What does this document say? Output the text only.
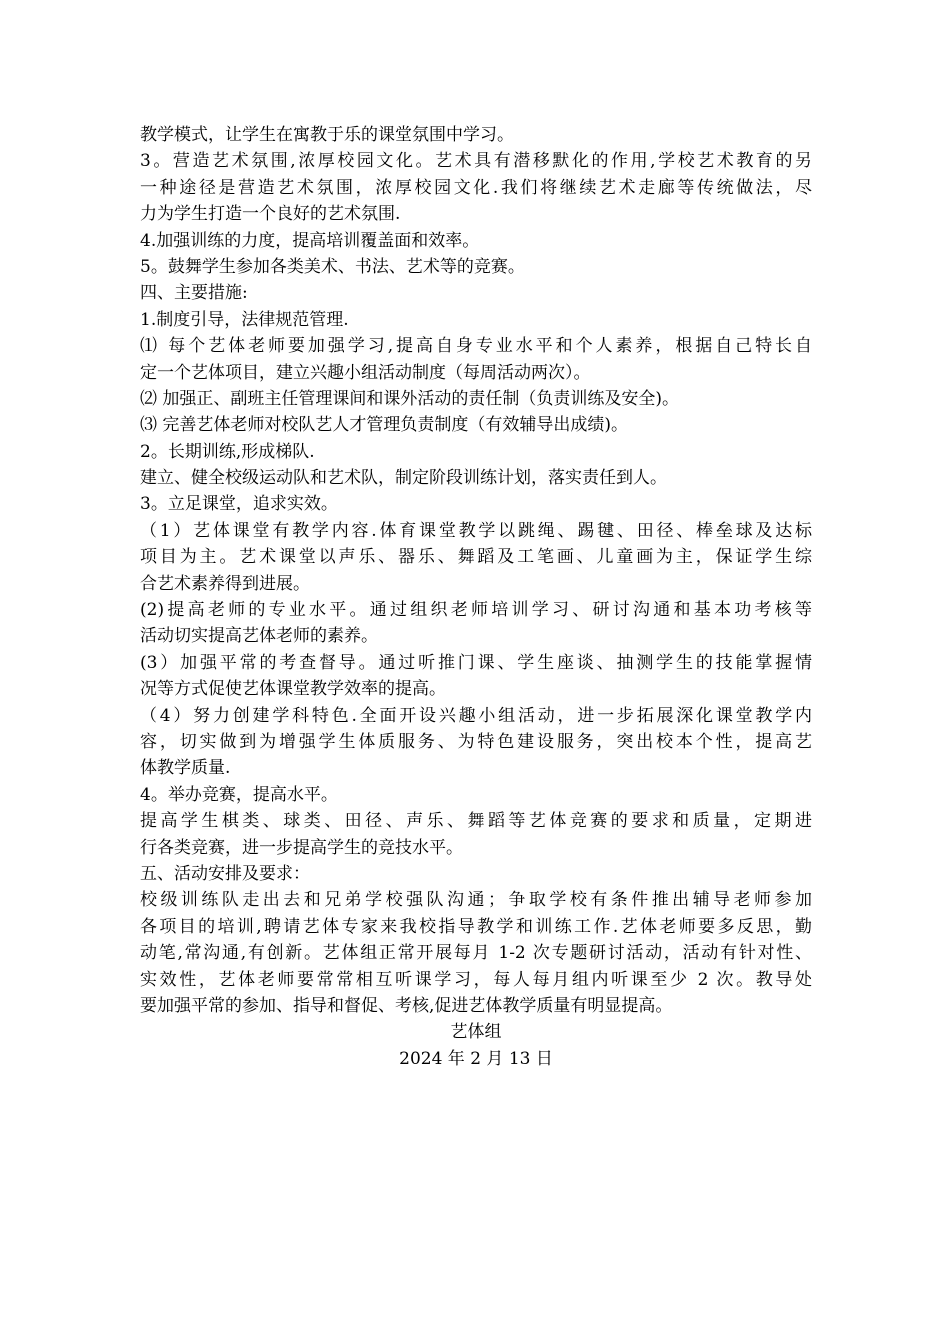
教学模式，让学生在寓教于乐的课堂氛围中学习。
3。营造艺术氛围,浓厚校园文化。艺术具有潜移默化的作用,学校艺术教育的另
一种途径是营造艺术氛围，浓厚校园文化.我们将继续艺术走廊等传统做法，尽
力为学生打造一个良好的艺术氛围.
4.加强训练的力度，提高培训覆盖面和效率。
5。鼓舞学生参加各类美术、书法、艺术等的竞赛。
四、主要措施:
1.制度引导，法律规范管理.
⑴ 每个艺体老师要加强学习,提高自身专业水平和个人素养，根据自己特长自
定一个艺体项目，建立兴趣小组活动制度（每周活动两次）。
⑵ 加强正、副班主任管理课间和课外活动的责任制（负责训练及安全)。
⑶ 完善艺体老师对校队艺人才管理负责制度（有效辅导出成绩)。
2。长期训练,形成梯队.
建立、健全校级运动队和艺术队，制定阶段训练计划，落实责任到人。
3。立足课堂，追求实效。
（1）艺体课堂有教学内容.体育课堂教学以跳绳、踢毽、田径、棒垒球及达标
项目为主。艺术课堂以声乐、器乐、舞蹈及工笔画、儿童画为主，保证学生综
合艺术素养得到进展。
(2)提高老师的专业水平。通过组织老师培训学习、研讨沟通和基本功考核等
活动切实提高艺体老师的素养。
(3）加强平常的考查督导。通过听推门课、学生座谈、抽测学生的技能掌握情
况等方式促使艺体课堂教学效率的提高。
（4）努力创建学科特色.全面开设兴趣小组活动，进一步拓展深化课堂教学内
容，切实做到为增强学生体质服务、为特色建设服务，突出校本个性，提高艺
体教学质量.
4。举办竞赛，提高水平。
提高学生棋类、球类、田径、声乐、舞蹈等艺体竞赛的要求和质量，定期进
行各类竞赛，进一步提高学生的竞技水平。
五、活动安排及要求：
校级训练队走出去和兄弟学校强队沟通；争取学校有条件推出辅导老师参加
各项目的培训,聘请艺体专家来我校指导教学和训练工作.艺体老师要多反思，勤
动笔,常沟通,有创新。艺体组正常开展每月 1-2 次专题研讨活动，活动有针对性、
实效性，艺体老师要常常相互听课学习，每人每月组内听课至少 2 次。教导处
要加强平常的参加、指导和督促、考核,促进艺体教学质量有明显提高。
艺体组
2024 年 2 月 13 日
